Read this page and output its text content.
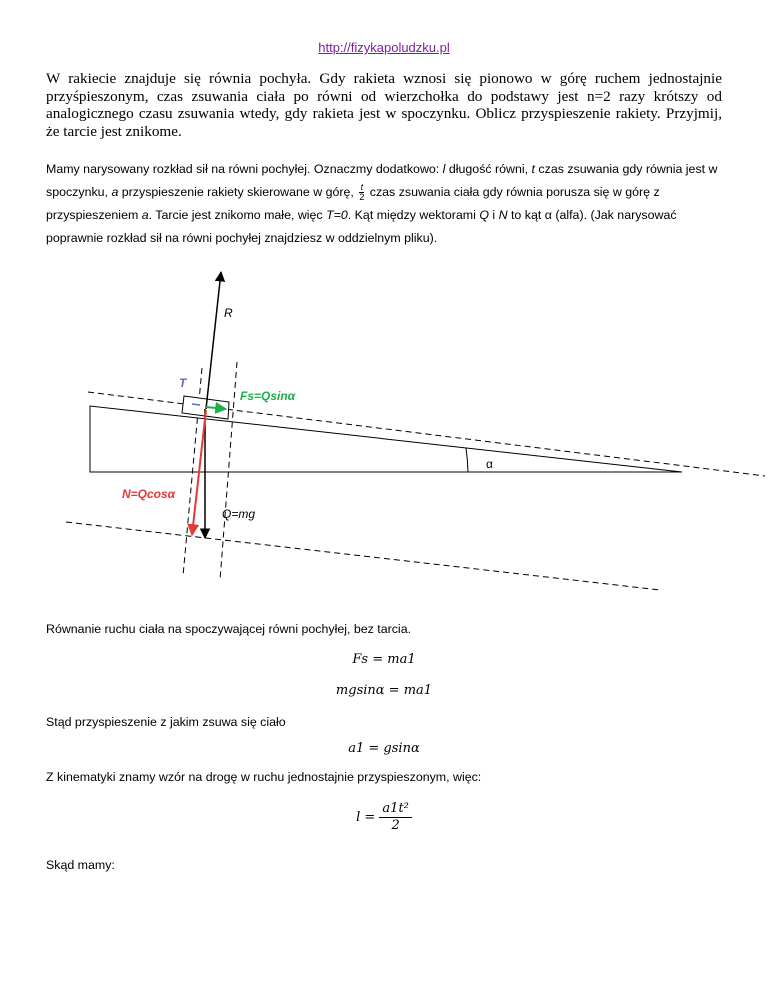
http://fizykapoludzku.pl
W rakiecie znajduje się równia pochyła. Gdy rakieta wznosi się pionowo w górę ruchem jednostajnie przyśpieszonym, czas zsuwania ciała po równi od wierzchołka do podstawy jest n=2 razy krótszy od analogicznego czasu zsuwania wtedy, gdy rakieta jest w spoczynku. Oblicz przyspieszenie rakiety. Przyjmij, że tarcie jest znikome.
Mamy narysowany rozkład sił na równi pochyłej. Oznaczmy dodatkowo: l długość równi, t czas zsuwania gdy równia jest w spoczynku, a przyspieszenie rakiety skierowane w górę, $\frac{t}{2}$ czas zsuwania ciała gdy równia porusza się w górę z przyspieszeniem a. Tarcie jest znikomo małe, więc T=0. Kąt między wektorami Q i N to kąt α (alfa). (Jak narysować poprawnie rozkład sił na równi pochyłej znajdziesz w oddzielnym pliku).
α
R
Q=mg
N=Qcosα
Fs=Qsinα
T
Równanie ruchu ciała na spoczywającej równi pochyłej, bez tarcia.
Fs = ma1
mgsinα = ma1
Stąd przyspieszenie z jakim zsuwa się ciało
a1 = gsinα
Z kinematyki znamy wzór na drogę w ruchu jednostajnie przyspieszonym, więc:
$l = \frac{\text{a1t²}}{2}$
Skąd mamy:
